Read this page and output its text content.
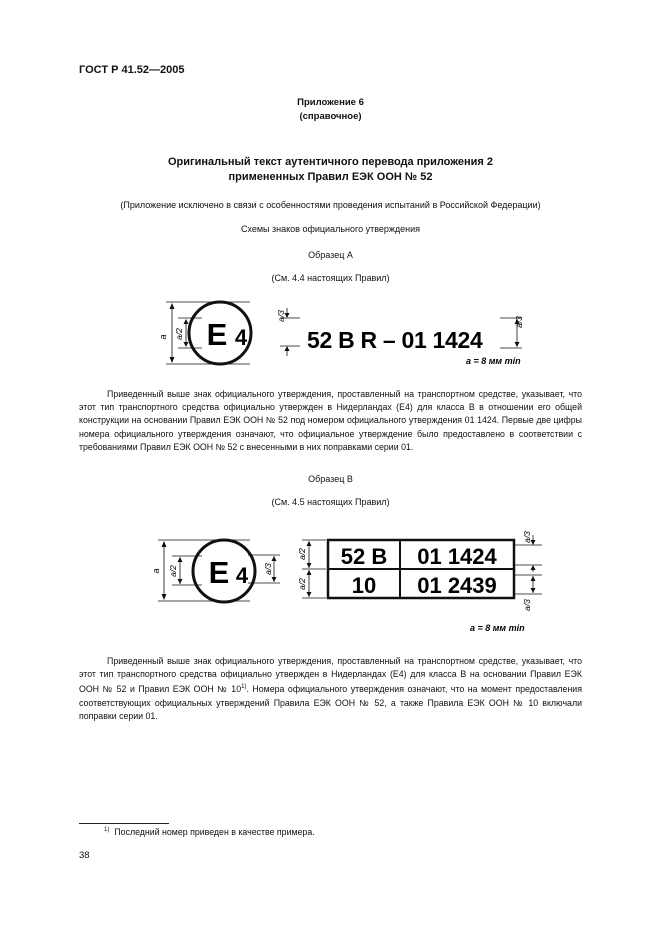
ГОСТ Р 41.52—2005
Приложение 6
(справочное)
Оригинальный текст аутентичного перевода приложения 2
примененных Правил ЕЭК ООН № 52
(Приложение исключено в связи с особенностями проведения испытаний в Российской Федерации)
Схемы знаков официального утверждения
Образец А
(См. 4.4 настоящих Правил)
a a/2 E 4
a/3
52 B R – 01 1424
a/3
a = 8 мм min

Приведенный выше знак официального утверждения, проставленный на транспортном средстве, указывает, что этот тип транспортного средства официально утвержден в Нидерландах (Е4) для класса В в отношении его общей конструкции на основании Правил ЕЭК ООН № 52 под номером официального утверждения 01 1424. Первые две цифры номера официального утверждения означают, что официальное утверждение было предоставлено в соответствии с требованиями Правил ЕЭК ООН № 52 с внесенными в них поправками серии 01.

Образец В
(См. 4.5 настоящих Правил)
a a/2 E 4 a/3
a/2
a/2
52 B 01 1424
10 01 2439
a/3
a/3
a = 8 мм min

Приведенный выше знак официального утверждения, проставленный на транспортном средстве, указывает, что этот тип транспортного средства официально утвержден в Нидерландах (Е4) для класса В на основании Правил ЕЭК ООН № 52 и Правил ЕЭК ООН № 10$^{1)}$. Номера официального утверждения означают, что на момент предоставления соответствующих официальных утверждений Правила ЕЭК ООН № 52, а также Правила ЕЭК ООН № 10 включали поправки серии 01.

$^{1)}$ Последний номер приведен в качестве примера.
38
